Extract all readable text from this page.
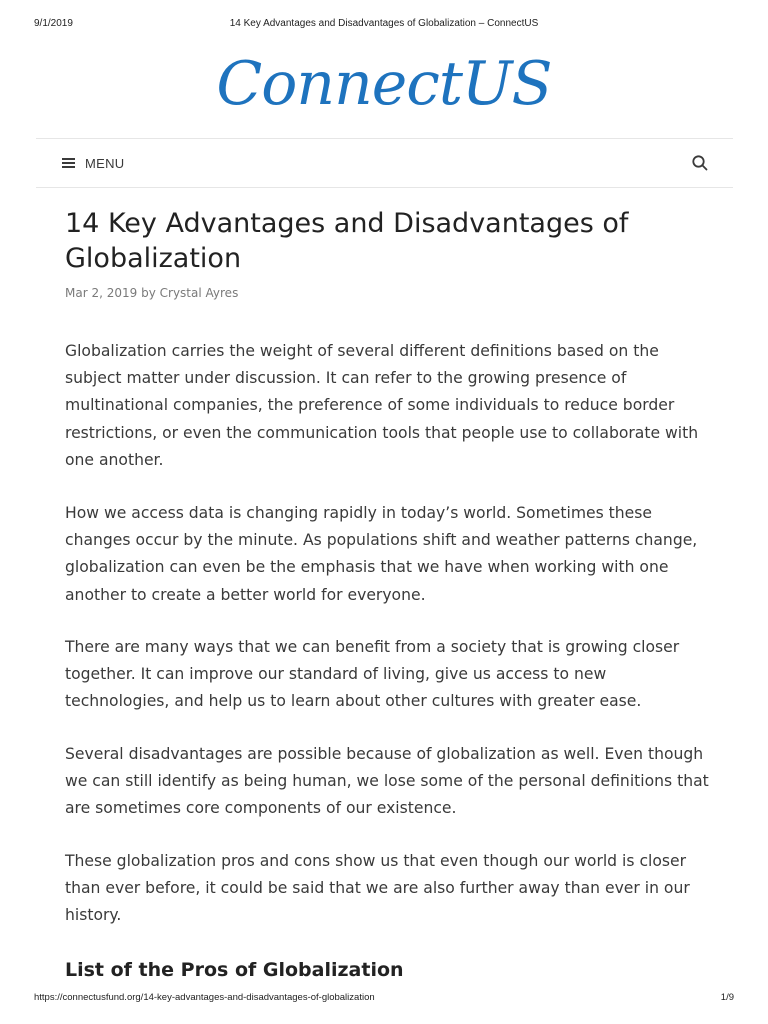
9/1/2019	14 Key Advantages and Disadvantages of Globalization – ConnectUS
ConnectUS
MENU
14 Key Advantages and Disadvantages of Globalization
Mar 2, 2019 by Crystal Ayres

Globalization carries the weight of several different definitions based on the subject matter under discussion. It can refer to the growing presence of multinational companies, the preference of some individuals to reduce border restrictions, or even the communication tools that people use to collaborate with one another.

How we access data is changing rapidly in today’s world. Sometimes these changes occur by the minute. As populations shift and weather patterns change, globalization can even be the emphasis that we have when working with one another to create a better world for everyone.

There are many ways that we can benefit from a society that is growing closer together. It can improve our standard of living, give us access to new technologies, and help us to learn about other cultures with greater ease.

Several disadvantages are possible because of globalization as well. Even though we can still identify as being human, we lose some of the personal definitions that are sometimes core components of our existence.

These globalization pros and cons show us that even though our world is closer than ever before, it could be said that we are also further away than ever in our history.

List of the Pros of Globalization
https://connectusfund.org/14-key-advantages-and-disadvantages-of-globalization	1/9
